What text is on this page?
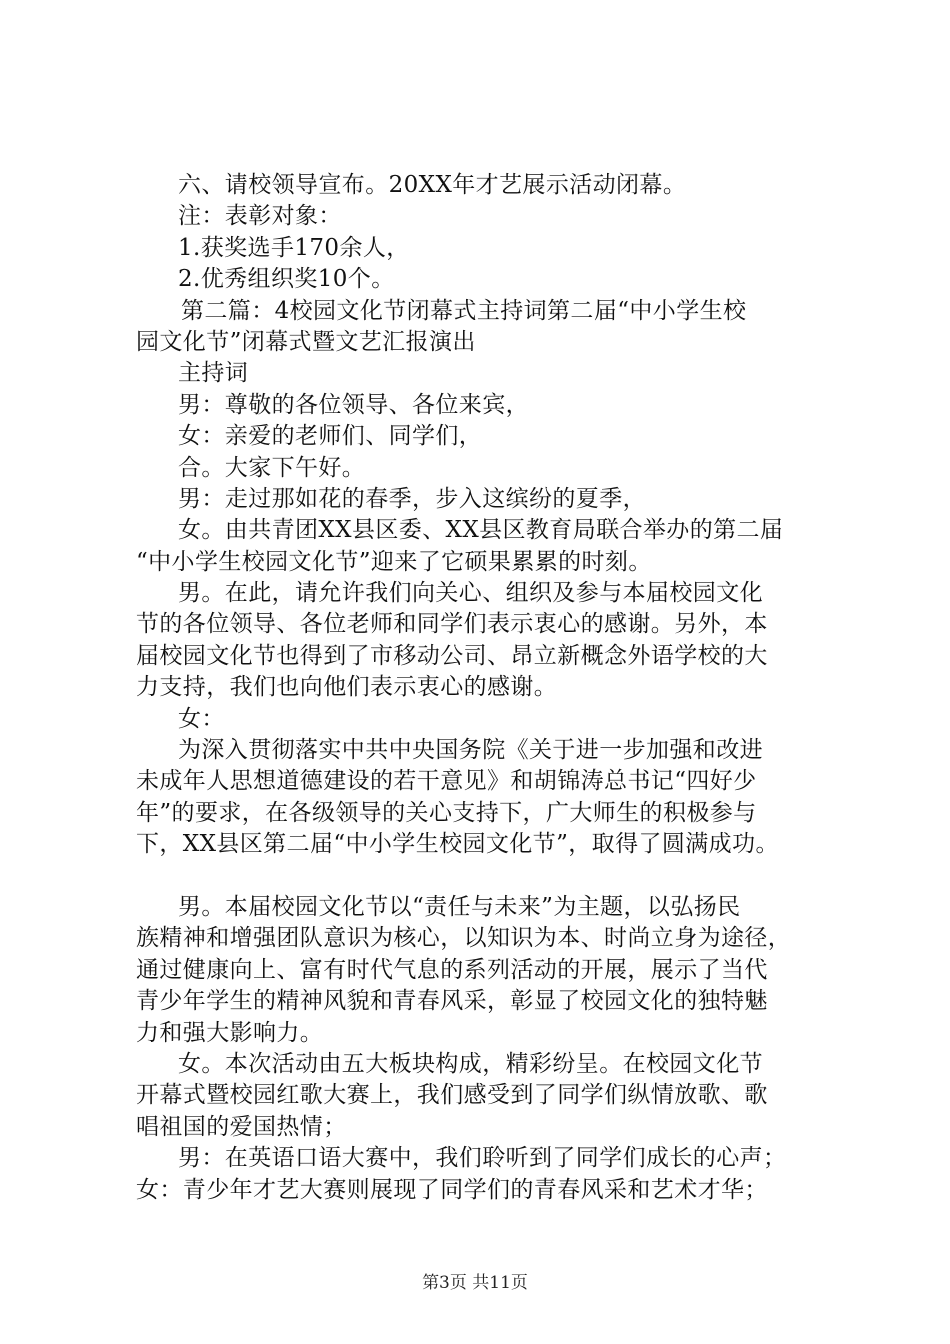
六、请校领导宣布。20XX年才艺展示活动闭幕。
注：表彰对象：
1.获奖选手170余人，
2.优秀组织奖10个。
第二篇：4校园文化节闭幕式主持词第二届“中小学生校
园文化节”闭幕式暨文艺汇报演出
主持词
男：尊敬的各位领导、各位来宾，
女：亲爱的老师们、同学们，
合。大家下午好。
男：走过那如花的春季，步入这缤纷的夏季，
女。由共青团XX县区委、XX县区教育局联合举办的第二届
“中小学生校园文化节”迎来了它硕果累累的时刻。
男。在此，请允许我们向关心、组织及参与本届校园文化
节的各位领导、各位老师和同学们表示衷心的感谢。另外，本
届校园文化节也得到了市移动公司、昂立新概念外语学校的大
力支持，我们也向他们表示衷心的感谢。
女：
为深入贯彻落实中共中央国务院《关于进一步加强和改进
未成年人思想道德建设的若干意见》和胡锦涛总书记“四好少
年”的要求，在各级领导的关心支持下，广大师生的积极参与
下，XX县区第二届“中小学生校园文化节”，取得了圆满成功。
男。本届校园文化节以“责任与未来”为主题，以弘扬民
族精神和增强团队意识为核心，以知识为本、时尚立身为途径，
通过健康向上、富有时代气息的系列活动的开展，展示了当代
青少年学生的精神风貌和青春风采，彰显了校园文化的独特魅
力和强大影响力。
女。本次活动由五大板块构成，精彩纷呈。在校园文化节
开幕式暨校园红歌大赛上，我们感受到了同学们纵情放歌、歌
唱祖国的爱国热情；
男：在英语口语大赛中，我们聆听到了同学们成长的心声；
女：青少年才艺大赛则展现了同学们的青春风采和艺术才华；
第3页 共11页
